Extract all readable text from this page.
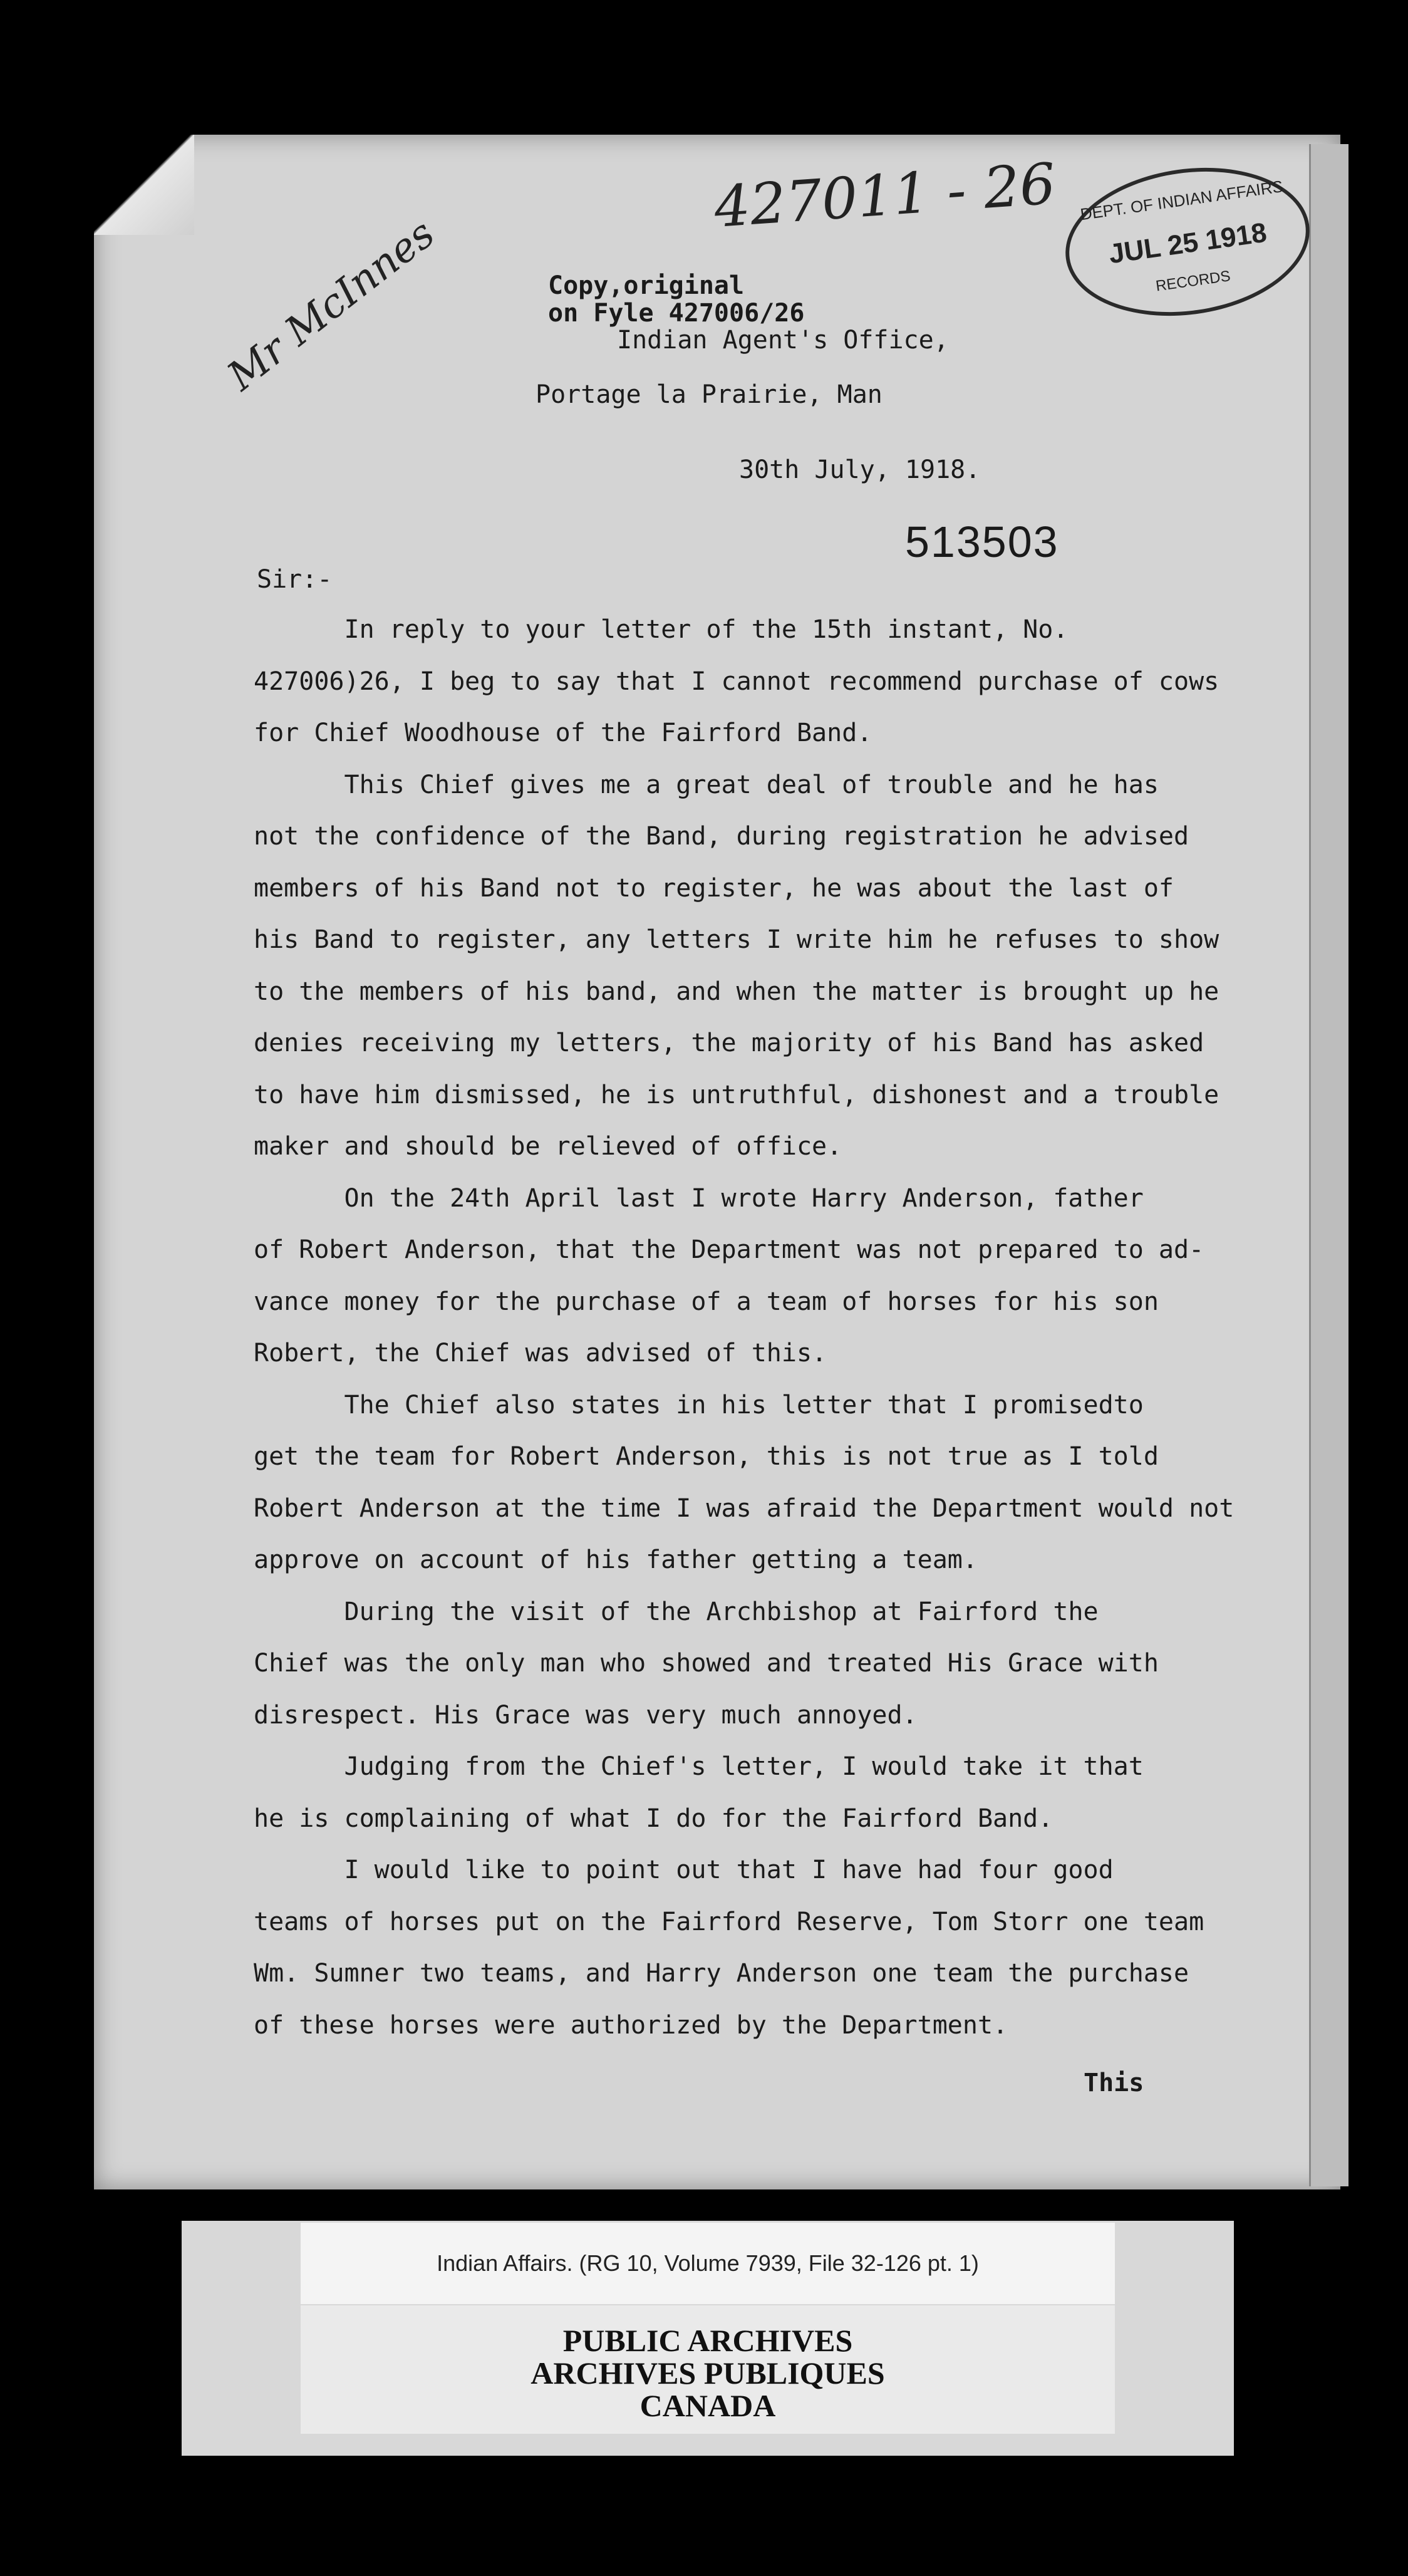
427011 - 26
Mr McInnes
DEPT. OF INDIAN AFFAIRS
JUL 25 1918
RECORDS
Copy,original
on Fyle 427006/26
Indian Agent's Office,
Portage la Prairie, Man
30th July, 1918.
513503
Sir:-
In reply to your letter of the 15th instant, No.
427006)26, I beg to say that I cannot recommend purchase of cows
for Chief Woodhouse of the Fairford Band.
This Chief gives me a great deal of trouble and he has
not the confidence of the Band, during registration he advised
members of his Band not to register, he was about the last of
his Band to register, any letters I write him he refuses to show
to the members of his band, and when the matter is brought up he
denies receiving my letters, the majority of his Band has asked
to have him dismissed, he is untruthful, dishonest and a trouble
maker and should be relieved of office.
On the 24th April last I wrote Harry Anderson, father
of Robert Anderson, that the Department was not prepared to ad-
vance money for the purchase of a team of horses for his son
Robert, the Chief was advised of this.
The Chief also states in his letter that I promisedto
get the team for Robert Anderson, this is not true as I told
Robert Anderson at the time I was afraid the Department would not
approve on account of his father getting a team.
During the visit of the Archbishop at Fairford the
Chief was the only man who showed and treated His Grace with
disrespect. His Grace was very much annoyed.
Judging from the Chief's letter, I would take it that
he is complaining of what I do for the Fairford Band.
I would like to point out that I have had four good
teams of horses put on the Fairford Reserve, Tom Storr one team
Wm. Sumner two teams, and Harry Anderson one team the purchase
of these horses were authorized by the Department.
This
Indian Affairs. (RG 10, Volume 7939, File 32-126 pt. 1)
PUBLIC ARCHIVES
ARCHIVES PUBLIQUES
CANADA
